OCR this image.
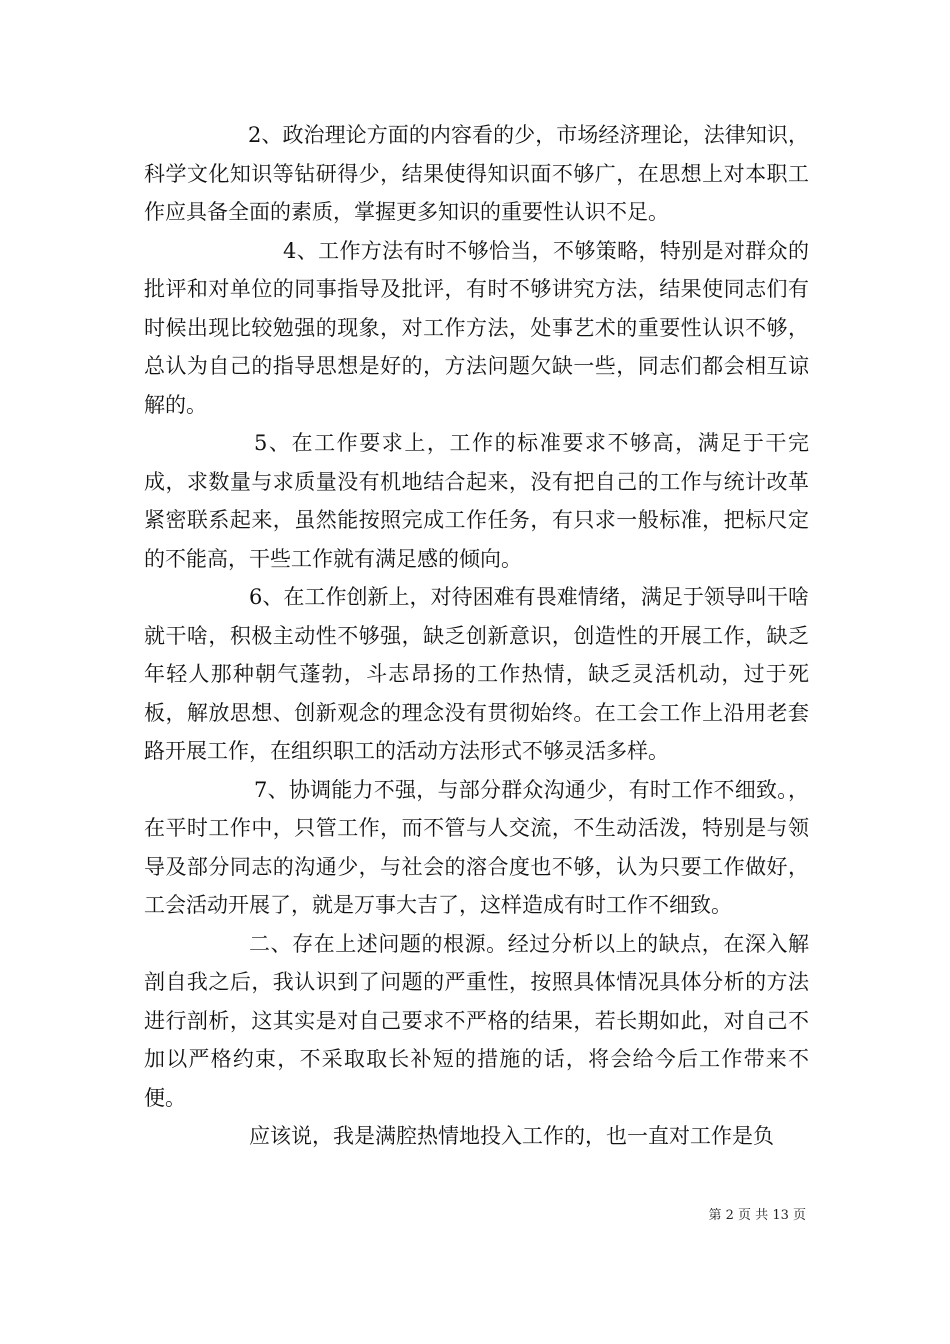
2、政治理论方面的内容看的少，市场经济理论，法律知识，科学文化知识等钻研得少，结果使得知识面不够广，在思想上对本职工作应具备全面的素质，掌握更多知识的重要性认识不足。

4、工作方法有时不够恰当，不够策略，特别是对群众的批评和对单位的同事指导及批评，有时不够讲究方法，结果使同志们有时候出现比较勉强的现象，对工作方法，处事艺术的重要性认识不够，总认为自己的指导思想是好的，方法问题欠缺一些，同志们都会相互谅解的。

5、在工作要求上，工作的标准要求不够高，满足于干完成，求数量与求质量没有机地结合起来，没有把自己的工作与统计改革紧密联系起来，虽然能按照完成工作任务，有只求一般标准，把标尺定的不能高，干些工作就有满足感的倾向。

6、在工作创新上，对待困难有畏难情绪，满足于领导叫干啥就干啥，积极主动性不够强，缺乏创新意识，创造性的开展工作，缺乏年轻人那种朝气蓬勃，斗志昂扬的工作热情，缺乏灵活机动，过于死板，解放思想、创新观念的理念没有贯彻始终。在工会工作上沿用老套路开展工作，在组织职工的活动方法形式不够灵活多样。

7、协调能力不强，与部分群众沟通少，有时工作不细致。，在平时工作中，只管工作，而不管与人交流，不生动活泼，特别是与领导及部分同志的沟通少，与社会的溶合度也不够，认为只要工作做好，工会活动开展了，就是万事大吉了，这样造成有时工作不细致。

二、存在上述问题的根源。经过分析以上的缺点，在深入解剖自我之后，我认识到了问题的严重性，按照具体情况具体分析的方法进行剖析，这其实是对自己要求不严格的结果，若长期如此，对自己不加以严格约束，不采取取长补短的措施的话，将会给今后工作带来不便。

应该说，我是满腔热情地投入工作的，也一直对工作是负

第 2 页 共 13 页
